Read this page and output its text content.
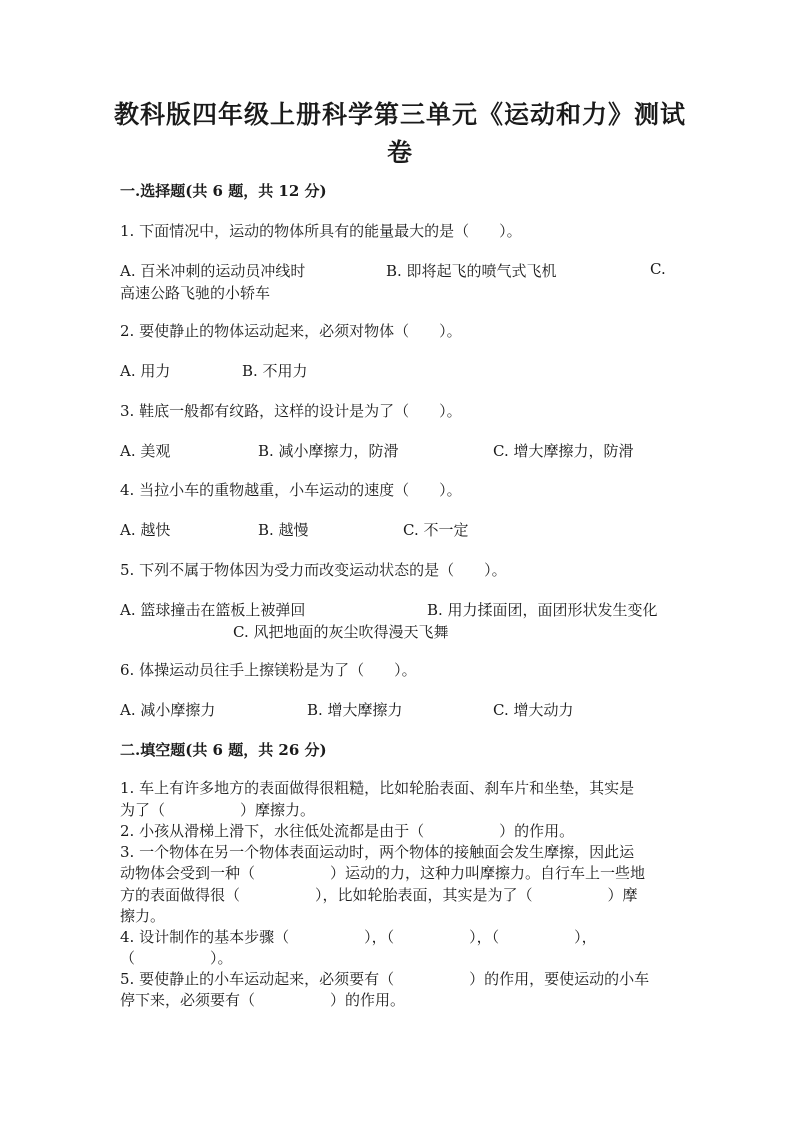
教科版四年级上册科学第三单元《运动和力》测试
卷
一.选择题(共 6 题，共 12 分)
1. 下面情况中，运动的物体所具有的能量最大的是（　　）。
A. 百米冲刺的运动员冲线时	B. 即将起飞的喷气式飞机	C.
高速公路飞驰的小轿车
2. 要使静止的物体运动起来，必须对物体（　　）。
A. 用力	B. 不用力
3. 鞋底一般都有纹路，这样的设计是为了（　　）。
A. 美观	B. 减小摩擦力，防滑	C. 增大摩擦力，防滑
4. 当拉小车的重物越重，小车运动的速度（　　）。
A. 越快	B. 越慢	C. 不一定
5. 下列不属于物体因为受力而改变运动状态的是（　　）。
A. 篮球撞击在篮板上被弹回	B. 用力揉面团，面团形状发生变化
C. 风把地面的灰尘吹得漫天飞舞
6. 体操运动员往手上擦镁粉是为了（　　）。
A. 减小摩擦力	B. 增大摩擦力	C. 增大动力
二.填空题(共 6 题，共 26 分)
1. 车上有许多地方的表面做得很粗糙，比如轮胎表面、刹车片和坐垫，其实是
为了（　　　　　）摩擦力。
2. 小孩从滑梯上滑下，水往低处流都是由于（　　　　　）的作用。
3. 一个物体在另一个物体表面运动时，两个物体的接触面会发生摩擦，因此运
动物体会受到一种（　　　　　）运动的力，这种力叫摩擦力。自行车上一些地
方的表面做得很（　　　　　），比如轮胎表面，其实是为了（　　　　　）摩
擦力。
4. 设计制作的基本步骤（　　　　　），（　　　　　），（　　　　　），
（　　　　　）。
5. 要使静止的小车运动起来，必须要有（　　　　　）的作用，要使运动的小车
停下来，必须要有（　　　　　）的作用。
